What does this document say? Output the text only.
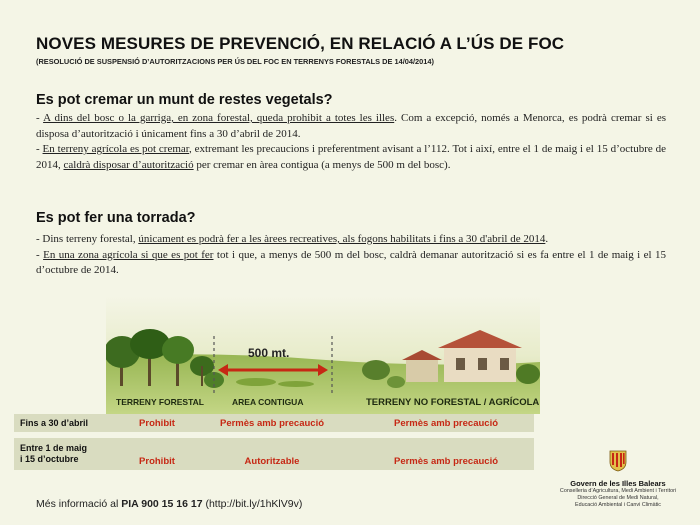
NOVES MESURES DE PREVENCIÓ, EN RELACIÓ A L’ÚS DE FOC
(RESOLUCIÓ DE SUSPENSIÓ D’AUTORITZACIONS PER ÚS DEL FOC EN TERRENYS FORESTALS DE 14/04/2014)
Es pot cremar un munt de restes vegetals?

- A dins del bosc o la garriga, en zona forestal, queda prohibit a totes les illes. Com a excepció, només a Menorca, es podrà cremar si es disposa d’autorització i únicament fins a 30 d’abril de 2014.

- En terreny agrícola es pot cremar, extremant les precaucions i preferentment avisant a l’112. Tot i així, entre el 1 de maig i el 15 d’octubre de 2014, caldrà disposar d’autorització per cremar en àrea contigua (a menys de 500 m del bosc).

Es pot fer una torrada?

- Dins terreny forestal, únicament es podrà fer a les àrees recreatives, als fogons habilitats i fins a 30 d'abril de 2014.

- En una zona agrícola si que es pot fer tot i que, a menys de 500 m del bosc, caldrà demanar autorització si es fa entre el 1 de maig i el 15 d’octubre de 2014.

500 mt.
TERRENY FORESTAL	AREA CONTIGUA	TERRENY NO FORESTAL / AGRÍCOLA
Fins a 30 d’abril	Prohibit	Permès amb precaució	Permès amb precaució
Entre 1 de maig
i 15 d’octubre	Prohibit	Autoritzable	Permès amb precaució
Més informació al PIA 900 15 16 17 (http://bit.ly/1hKlV9v)
Govern de les Illes Balears
Conselleria d’Agricultura, Medi Ambient i Territori
Direcció General de Medi Natural,
Educació Ambiental i Canvi Climàtic
